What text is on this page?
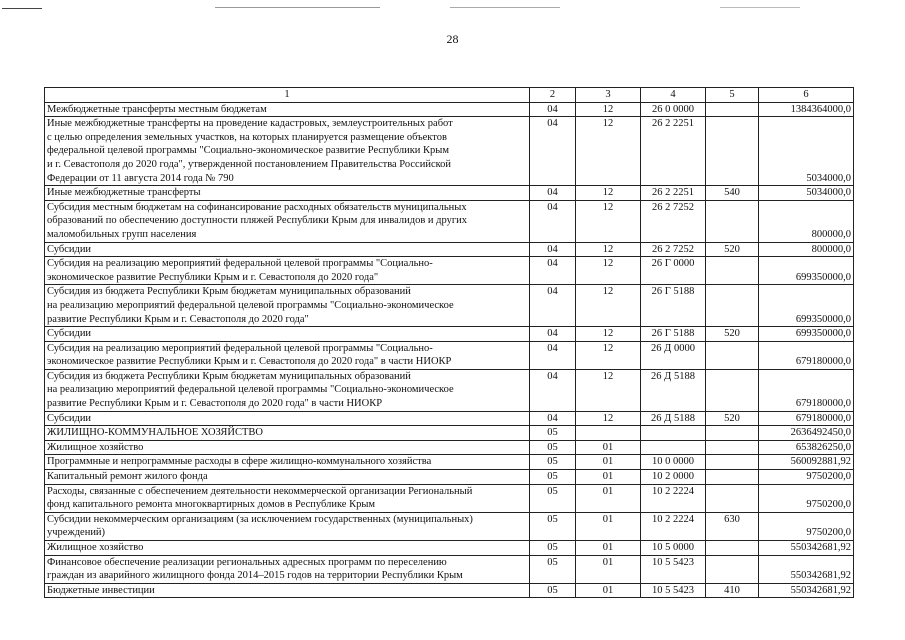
28
1	2	3	4	5	6
Межбюджетные трансферты местным бюджетам	04	12	26 0 0000		1384364000,0
Иные межбюджетные трансферты на проведение кадастровых, землеустроительных работ
с целью определения земельных участков, на которых планируется размещение объектов
федеральной целевой программы "Социально-экономическое развитие Республики Крым
и г. Севастополя до 2020 года", утвержденной постановлением Правительства Российской
Федерации от 11 августа 2014 года № 790	04	12	26 2 2251		5034000,0
Иные межбюджетные трансферты	04	12	26 2 2251	540	5034000,0
Субсидия местным бюджетам на софинансирование расходных обязательств муниципальных
образований по обеспечению доступности пляжей Республики Крым для инвалидов и других
маломобильных групп населения	04	12	26 2 7252		800000,0
Субсидии	04	12	26 2 7252	520	800000,0
Субсидия на реализацию мероприятий федеральной целевой программы "Социально-
экономическое развитие Республики Крым и г. Севастополя до 2020 года"	04	12	26 Г 0000		699350000,0
Субсидия из бюджета Республики Крым бюджетам муниципальных образований
на реализацию мероприятий федеральной целевой программы "Социально-экономическое
развитие Республики Крым и г. Севастополя до 2020 года"	04	12	26 Г 5188		699350000,0
Субсидии	04	12	26 Г 5188	520	699350000,0
Субсидия на реализацию мероприятий федеральной целевой программы "Социально-
экономическое развитие Республики Крым и г. Севастополя до 2020 года" в части НИОКР	04	12	26 Д 0000		679180000,0
Субсидия из бюджета Республики Крым бюджетам муниципальных образований
на реализацию мероприятий федеральной целевой программы "Социально-экономическое
развитие Республики Крым и г. Севастополя до 2020 года" в части НИОКР	04	12	26 Д 5188		679180000,0
Субсидии	04	12	26 Д 5188	520	679180000,0
ЖИЛИЩНО-КОММУНАЛЬНОЕ ХОЗЯЙСТВО	05				2636492450,0
Жилищное хозяйство	05	01			653826250,0
Программные и непрограммные расходы в сфере жилищно-коммунального хозяйства	05	01	10 0 0000		560092881,92
Капитальный ремонт жилого фонда	05	01	10 2 0000		9750200,0
Расходы, связанные с обеспечением деятельности некоммерческой организации Региональный
фонд капитального ремонта многоквартирных домов в Республике Крым	05	01	10 2 2224		9750200,0
Субсидии некоммерческим организациям (за исключением государственных (муниципальных)
учреждений)	05	01	10 2 2224	630	9750200,0
Жилищное хозяйство	05	01	10 5 0000		550342681,92
Финансовое обеспечение реализации региональных адресных программ по переселению
граждан из аварийного жилищного фонда 2014–2015 годов на территории Республики Крым	05	01	10 5 5423		550342681,92
Бюджетные инвестиции	05	01	10 5 5423	410	550342681,92
